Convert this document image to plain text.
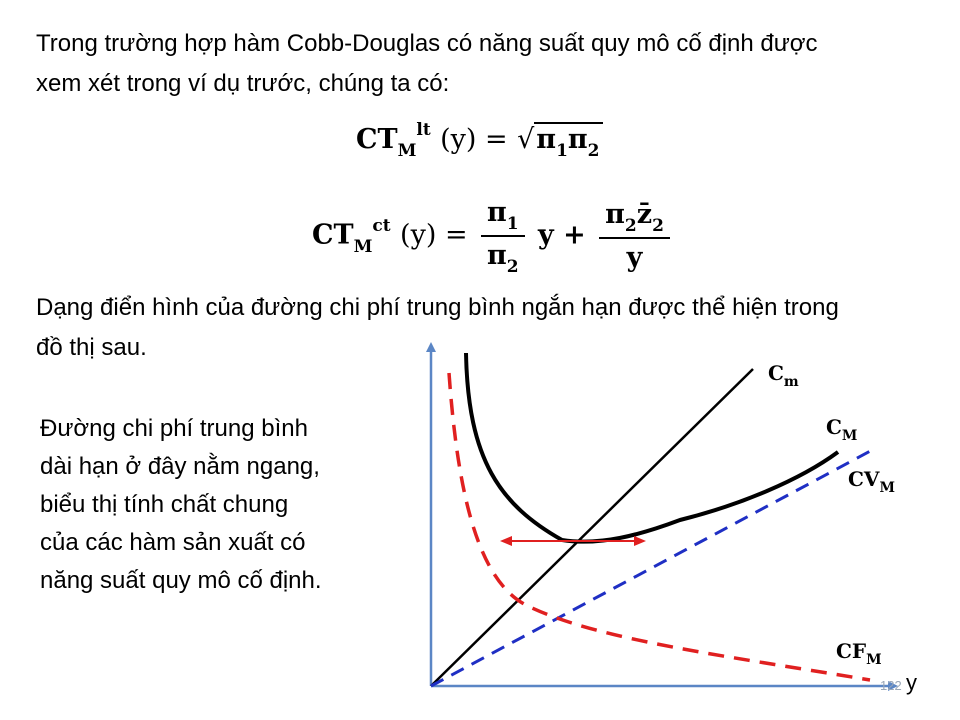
Trong trường hợp hàm Cobb-Douglas có năng suất quy mô cố định được

xem xét trong ví dụ trước, chúng ta có:

$CT_M^{lt}$ $(y) = √\pi_1\pi_2$
$CT_M^{ct}$ $(y) = \frac{\pi_1}{\pi_2}$ $y + \frac{\pi_2z̄_2}{y}$

Dạng điển hình của đường chi phí trung bình ngắn hạn được thể hiện trong

đồ thị sau.

Đường chi phí trung bình
dài hạn ở đây nằm ngang,
biểu thị tính chất chung
của các hàm sản xuất có
năng suất quy mô cố định.
$C_m$
$C_M$
$CV_M$
$CF_M$
y
122
